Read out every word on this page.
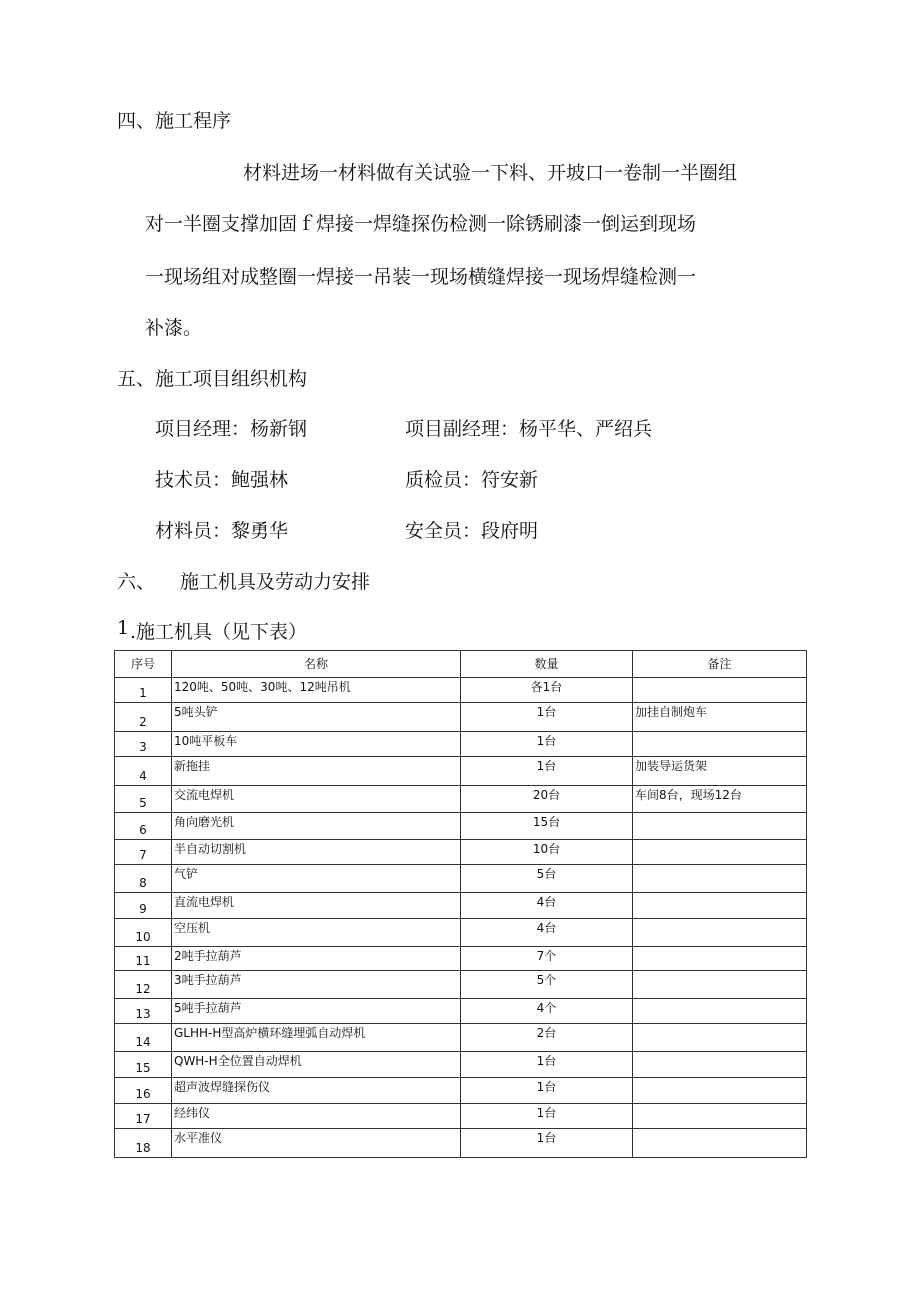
四、施工程序
材料进场一材料做有关试验一下料、开坡口一卷制一半圈组
对一半圈支撑加固ｆ焊接一焊缝探伤检测一除锈刷漆一倒运到现场
一现场组对成整圈一焊接一吊装一现场横缝焊接一现场焊缝检测一
补漆。
五、施工项目组织机构
项目经理：杨新钢	项目副经理：杨平华、严绍兵
技术员：鲍强林	质检员：符安新
材料员：黎勇华	安全员：段府明
六、 施工机具及劳动力安排
1 .施工机具（见下表）
序号	名称	数量	备注
1	120吨、50吨、30吨、12吨吊机	各1台	
2	5吨头铲	1台	加挂自制炮车
3	10吨平板车	1台	
4	新拖挂	1台	加装导运货架
5	交流电焊机	20台	车间8台，现场12台
6	角向磨光机	15台	
7	半自动切割机	10台	
8	气铲	5台	
9	直流电焊机	4台	
10	空压机	4台	
11	2吨手拉葫芦	7个	
12	3吨手拉葫芦	5个	
13	5吨手拉葫芦	4个	
14	GLHH-H型高炉横环缝埋弧自动焊机	2台	
15	QWH-H全位置自动焊机	1台	
16	超声波焊缝探伤仪	1台	
17	经纬仪	1台	
18	水平准仪	1台	
